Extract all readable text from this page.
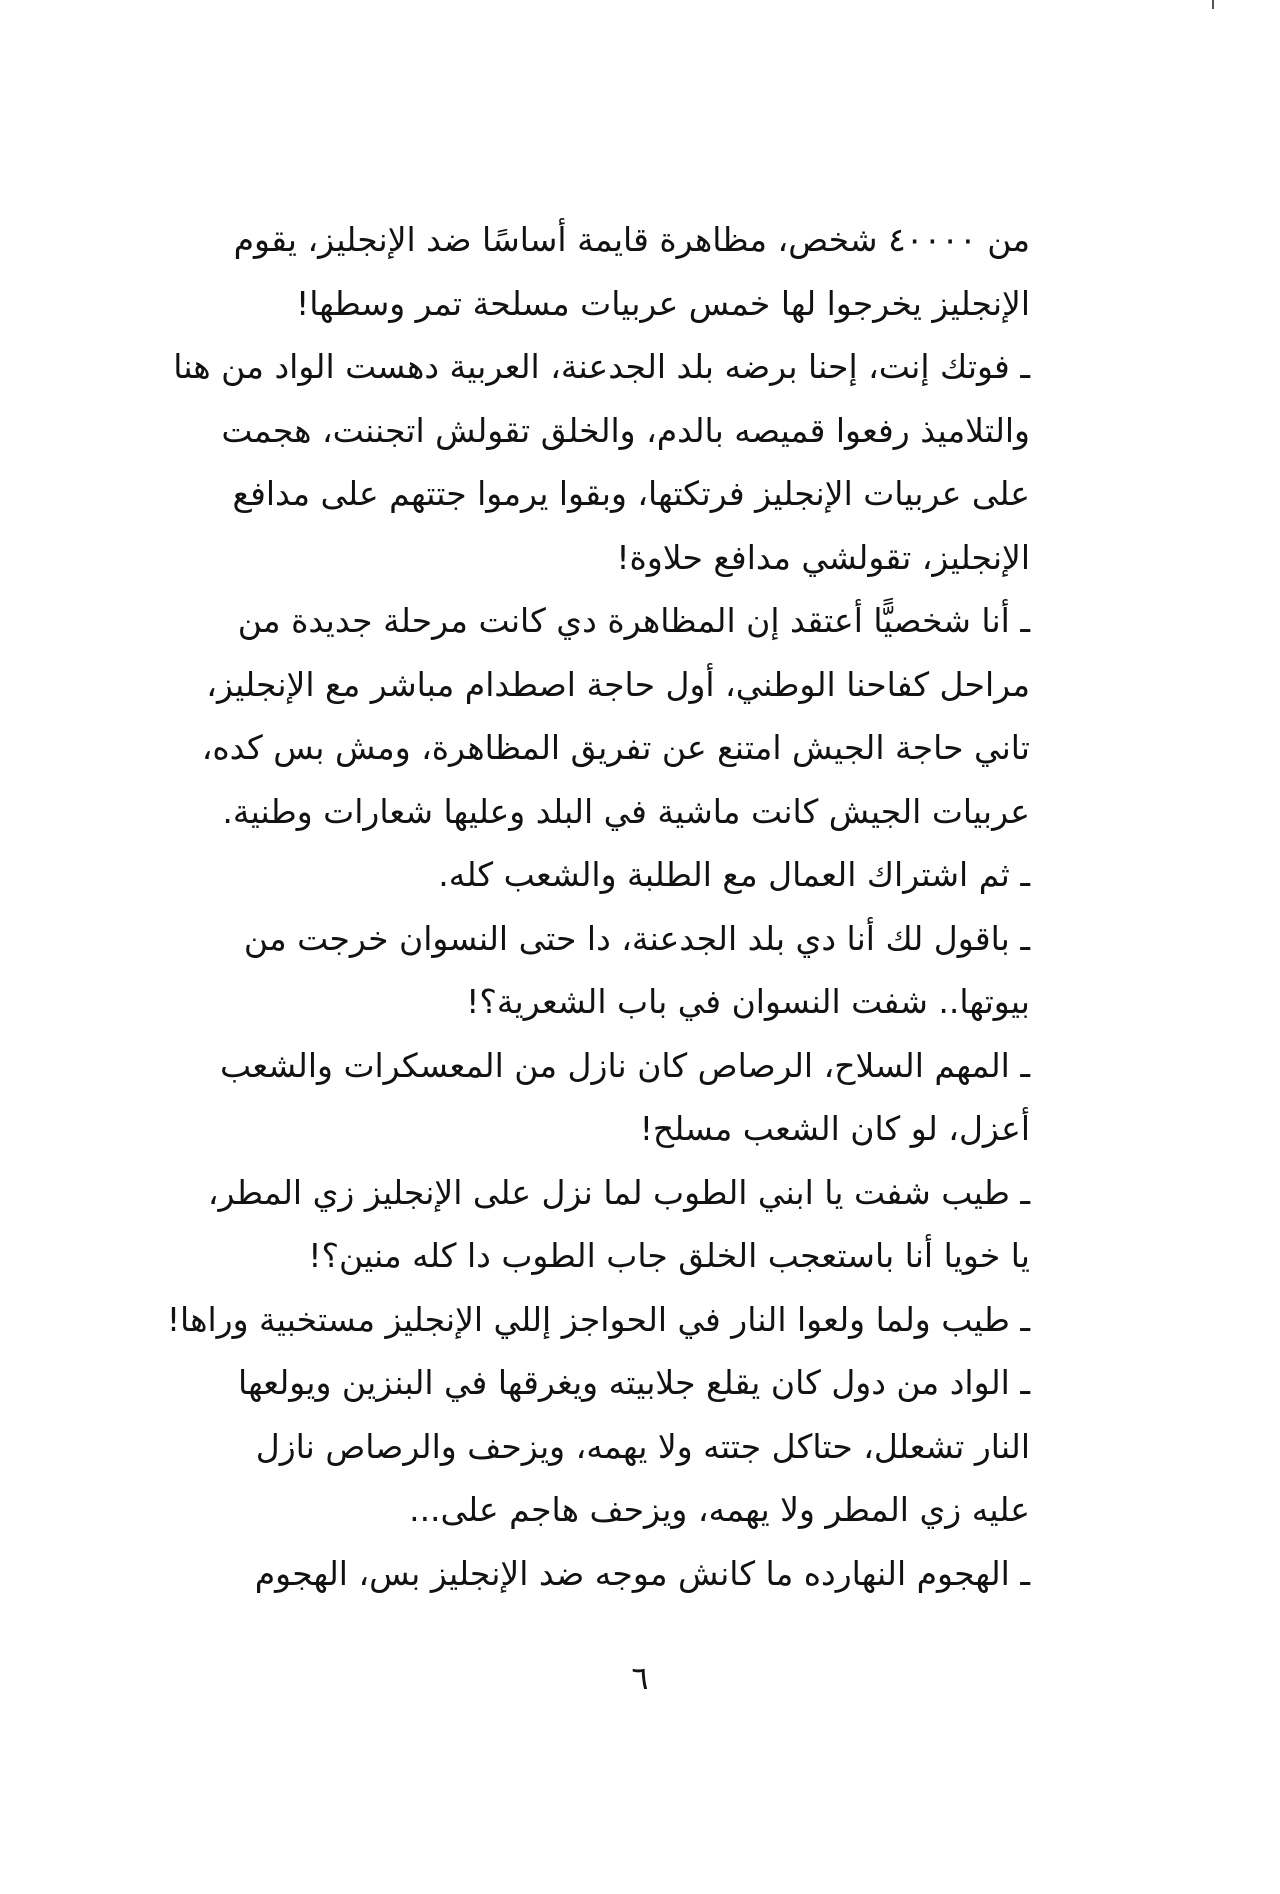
من ٤٠٠٠٠ شخص، مظاهرة قايمة أساسًا ضد الإنجليز، يقوم
الإنجليز يخرجوا لها خمس عربيات مسلحة تمر وسطها!
ـ فوتك إنت، إحنا برضه بلد الجدعنة، العربية دهست الواد من هنا
والتلاميذ رفعوا قميصه بالدم، والخلق تقولش اتجننت، هجمت
على عربيات الإنجليز فرتكتها، وبقوا يرموا جتتهم على مدافع
الإنجليز، تقولشي مدافع حلاوة!
ـ أنا شخصيًّا أعتقد إن المظاهرة دي كانت مرحلة جديدة من
مراحل كفاحنا الوطني، أول حاجة اصطدام مباشر مع الإنجليز،
تاني حاجة الجيش امتنع عن تفريق المظاهرة، ومش بس كده،
عربيات الجيش كانت ماشية في البلد وعليها شعارات وطنية.
ـ ثم اشتراك العمال مع الطلبة والشعب كله.
ـ باقول لك أنا دي بلد الجدعنة، دا حتى النسوان خرجت من
بيوتها.. شفت النسوان في باب الشعرية؟!
ـ المهم السلاح، الرصاص كان نازل من المعسكرات والشعب
أعزل، لو كان الشعب مسلح!
ـ طيب شفت يا ابني الطوب لما نزل على الإنجليز زي المطر،
يا خويا أنا باستعجب الخلق جاب الطوب دا كله منين؟!
ـ طيب ولما ولعوا النار في الحواجز إللي الإنجليز مستخبية وراها!
ـ الواد من دول كان يقلع جلابيته ويغرقها في البنزين ويولعها
النار تشعلل، حتاكل جتته ولا يهمه، ويزحف والرصاص نازل
عليه زي المطر ولا يهمه، ويزحف هاجم على...
ـ الهجوم النهارده ما كانش موجه ضد الإنجليز بس، الهجوم
٦
